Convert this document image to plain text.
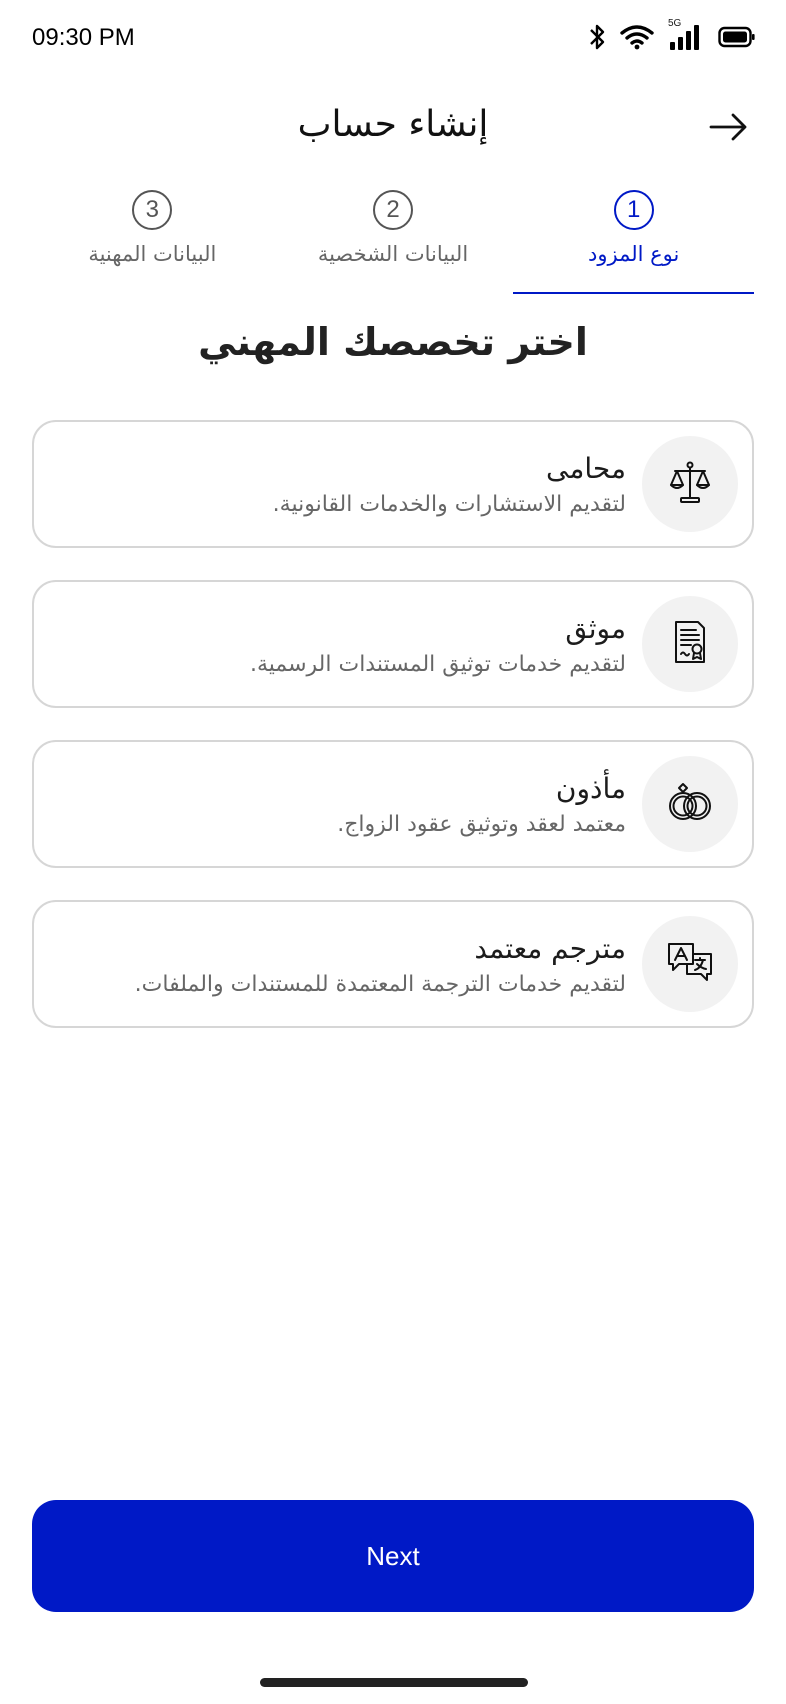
09:30 PM
5G
إنشاء حساب
1
نوع المزود
2
البيانات الشخصية
3
البيانات المهنية
اختر تخصصك المهني
محامى
لتقديم الاستشارات والخدمات القانونية.
موثق
لتقديم خدمات توثيق المستندات الرسمية.
مأذون
معتمد لعقد وتوثيق عقود الزواج.
مترجم معتمد
لتقديم خدمات الترجمة المعتمدة للمستندات والملفات.
Next
